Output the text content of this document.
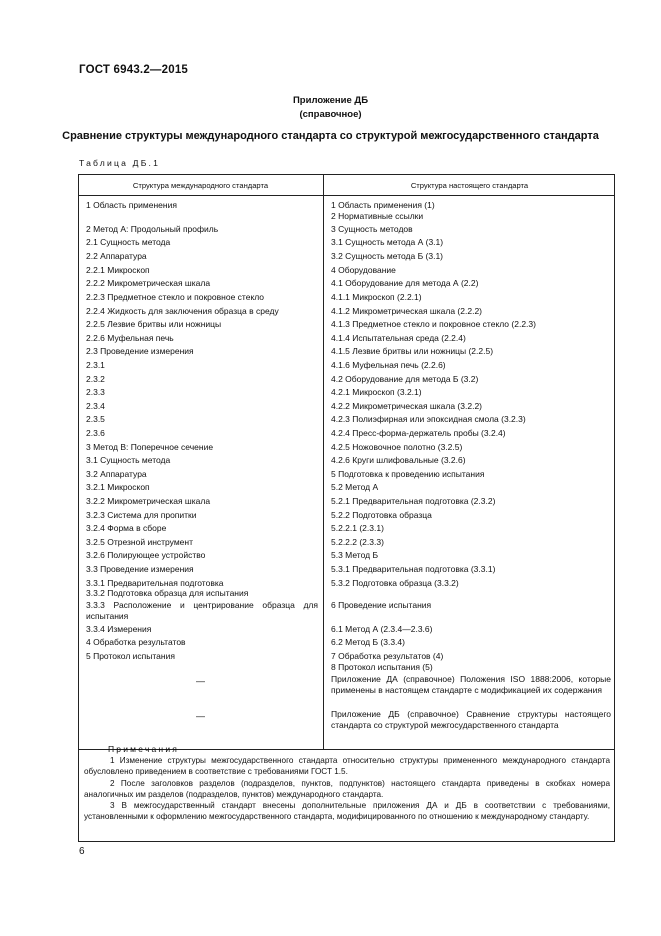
ГОСТ 6943.2—2015
Приложение ДБ
(справочное)
Сравнение структуры международного стандарта со структурой межгосударственного стандарта
Таблица ДБ.1
Структура международного стандарта	Структура настоящего стандарта
1 Область применения
2 Метод А: Продольный профиль
2.1 Сущность метода
2.2 Аппаратура
2.2.1 Микроскоп
2.2.2 Микрометрическая шкала
2.2.3 Предметное стекло и покровное стекло
2.2.4 Жидкость для заключения образца в среду
2.2.5 Лезвие бритвы или ножницы
2.2.6 Муфельная печь
2.3 Проведение измерения
2.3.1
2.3.2
2.3.3
2.3.4
2.3.5
2.3.6
3 Метод В: Поперечное сечение
3.1 Сущность метода
3.2 Аппаратура
3.2.1 Микроскоп
3.2.2 Микрометрическая шкала
3.2.3 Система для пропитки
3.2.4 Форма в сборе
3.2.5 Отрезной инструмент
3.2.6 Полирующее устройство
3.3 Проведение измерения
3.3.1 Предварительная подготовка
3.3.2 Подготовка образца для испытания
3.3.3 Расположение и центрирование образца для испытания
3.3.4 Измерения
4 Обработка результатов
5 Протокол испытания
—
—
1 Область применения (1)
2 Нормативные ссылки
3 Сущность методов
3.1 Сущность метода А (3.1)
3.2 Сущность метода Б (3.1)
4 Оборудование
4.1 Оборудование для метода А (2.2)
4.1.1 Микроскоп (2.2.1)
4.1.2 Микрометрическая шкала (2.2.2)
4.1.3 Предметное стекло и покровное стекло (2.2.3)
4.1.4 Испытательная среда (2.2.4)
4.1.5 Лезвие бритвы или ножницы (2.2.5)
4.1.6 Муфельная печь (2.2.6)
4.2 Оборудование для метода Б (3.2)
4.2.1 Микроскоп (3.2.1)
4.2.2 Микрометрическая шкала (3.2.2)
4.2.3 Полиэфирная или эпоксидная смола (3.2.3)
4.2.4 Пресс-форма-держатель пробы (3.2.4)
4.2.5 Ножовочное полотно (3.2.5)
4.2.6 Круги шлифовальные (3.2.6)
5 Подготовка к проведению испытания
5.2 Метод А
5.2.1 Предварительная подготовка (2.3.2)
5.2.2 Подготовка образца
5.2.2.1 (2.3.1)
5.2.2.2 (2.3.3)
5.3 Метод Б
5.3.1 Предварительная подготовка (3.3.1)
5.3.2 Подготовка образца (3.3.2)
6 Проведение испытания
6.1 Метод А (2.3.4—2.3.6)
6.2 Метод Б (3.3.4)
7 Обработка результатов (4)
8 Протокол испытания (5)
Приложение ДА (справочное) Положения ISO 1888:2006, которые применены в настоящем стандарте с модификацией их содержания
Приложение ДБ (справочное) Сравнение структуры настоящего стандарта со структурой межгосударственного стандарта
Примечания
1 Изменение структуры межгосударственного стандарта относительно структуры примененного международного стандарта обусловлено приведением в соответствие с требованиями ГОСТ 1.5.
2 После заголовков разделов (подразделов, пунктов, подпунктов) настоящего стандарта приведены в скобках номера аналогичных им разделов (подразделов, пунктов) международного стандарта.
3 В межгосударственный стандарт внесены дополнительные приложения ДА и ДБ в соответствии с требованиями, установленными к оформлению межгосударственного стандарта, модифицированного по отношению к международному стандарту.
6
